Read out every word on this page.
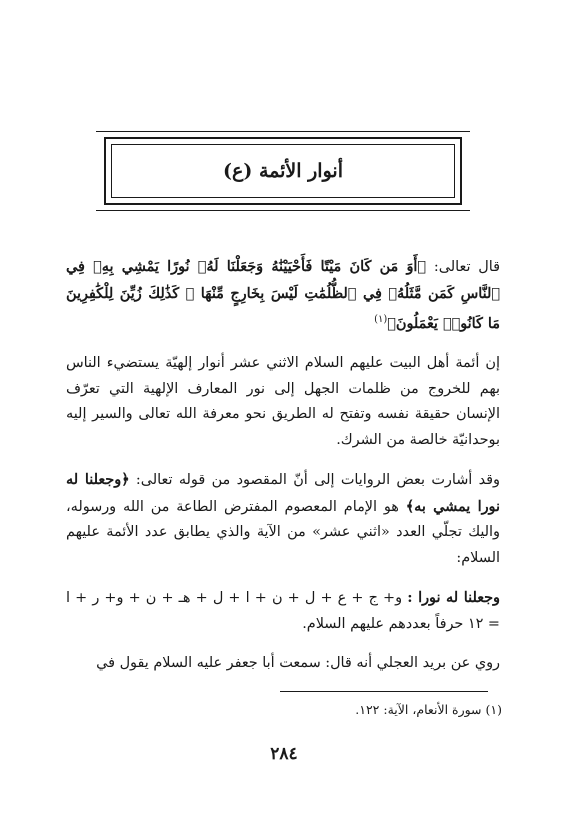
أنوار الأئمة (ع)

قال تعالى: ﴿أَوَ مَن كَانَ مَيْتًا فَأَحْيَيْنَٰهُ وَجَعَلْنَا لَهُۥ نُورًا يَمْشِي بِهِۦ فِي ٱلنَّاسِ كَمَن مَّثَلُهُۥ فِي ٱلظُّلُمَٰتِ لَيْسَ بِخَارِجٍ مِّنْهَا ۚ كَذَٰلِكَ زُيِّنَ لِلْكَٰفِرِينَ مَا كَانُوا۟ يَعْمَلُونَ﴾$^{(١)}$

إن أئمة أهل البيت عليهم السلام الاثني عشر أنوار إلهيّة يستضيء الناس بهم للخروج من ظلمات الجهل إلى نور المعارف الإلهية التي تعرّف الإنسان حقيقة نفسه وتفتح له الطريق نحو معرفة الله تعالى والسير إليه بوحدانيّة خالصة من الشرك.

وقد أشارت بعض الروايات إلى أنّ المقصود من قوله تعالى: ﴿وجعلنا له نورا يمشي به﴾ هو الإمام المعصوم المفترض الطاعة من الله ورسوله، واليك تجلّي العدد «اثني عشر» من الآية والذي يطابق عدد الأئمة عليهم السلام:

وجعلنا له نورا : و+ ج + ع + ل + ن + ا + ل + هـ + ن + و+ ر + ا = ١٢ حرفاً بعددهم عليهم السلام.

روي عن بريد العجلي أنه قال: سمعت أبا جعفر عليه السلام يقول في

(١) سورة الأنعام، الآية: ١٢٢.
٢٨٤
